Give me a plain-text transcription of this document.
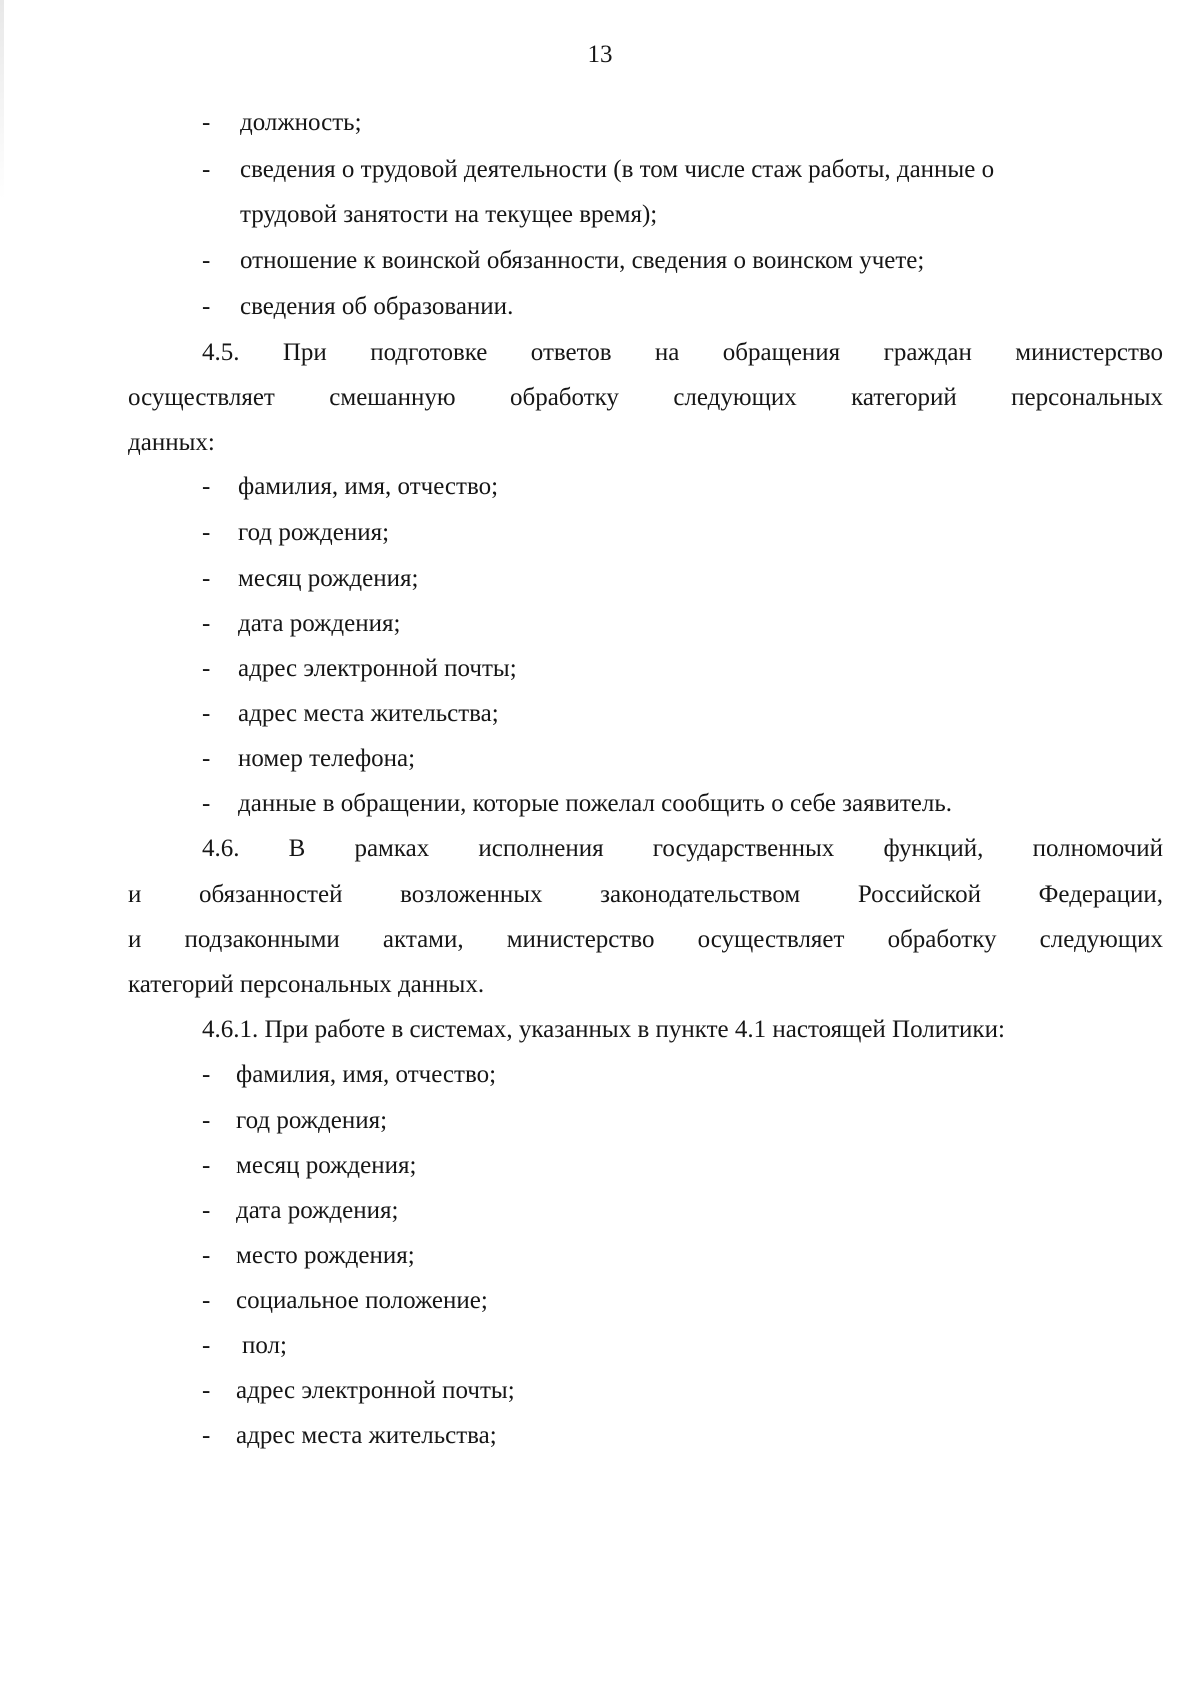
13
- должность;
- сведения о трудовой деятельности (в том числе стаж работы, данные о
трудовой занятости на текущее время);
- отношение к воинской обязанности, сведения о воинском учете;
- сведения об образовании.
4.5. При подготовке ответов на обращения граждан министерство
осуществляет смешанную обработку следующих категорий персональных
данных:
- фамилия, имя, отчество;
- год рождения;
- месяц рождения;
- дата рождения;
- адрес электронной почты;
- адрес места жительства;
- номер телефона;
- данные в обращении, которые пожелал сообщить о себе заявитель.
4.6. В рамках исполнения государственных функций, полномочий
и обязанностей возложенных законодательством Российской Федерации,
и подзаконными актами, министерство осуществляет обработку следующих
категорий персональных данных.
4.6.1. При работе в системах, указанных в пункте 4.1 настоящей Политики:
- фамилия, имя, отчество;
- год рождения;
- месяц рождения;
- дата рождения;
- место рождения;
- социальное положение;
- пол;
- адрес электронной почты;
- адрес места жительства;
